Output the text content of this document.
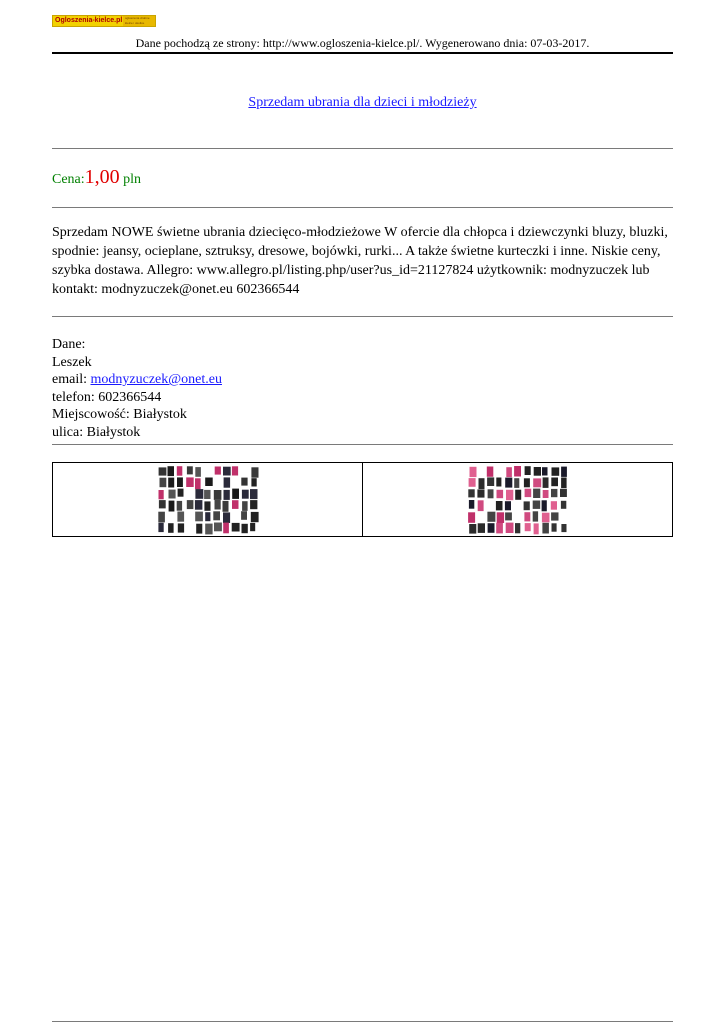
Ogloszenia-kielce.pl ogłoszenia drobne kielce i okolice
Dane pochodzą ze strony: http://www.ogloszenia-kielce.pl/. Wygenerowano dnia: 07-03-2017.
Sprzedam ubrania dla dzieci i młodzieży
Cena:1,00 pln
Sprzedam NOWE świetne ubrania dziecięco-młodzieżowe W ofercie dla chłopca i dziewczynki bluzy, bluzki, spodnie: jeansy, ocieplane, sztruksy, dresowe, bojówki, rurki... A także świetne kurteczki i inne. Niskie ceny, szybka dostawa. Allegro: www.allegro.pl/listing.php/user?us_id=21127824 użytkownik: modnyzuczek lub kontakt: modnyzuczek@onet.eu 602366544
Dane:
Leszek
email: modnyzuczek@onet.eu
telefon: 602366544
Miejscowość: Białystok
ulica: Białystok
